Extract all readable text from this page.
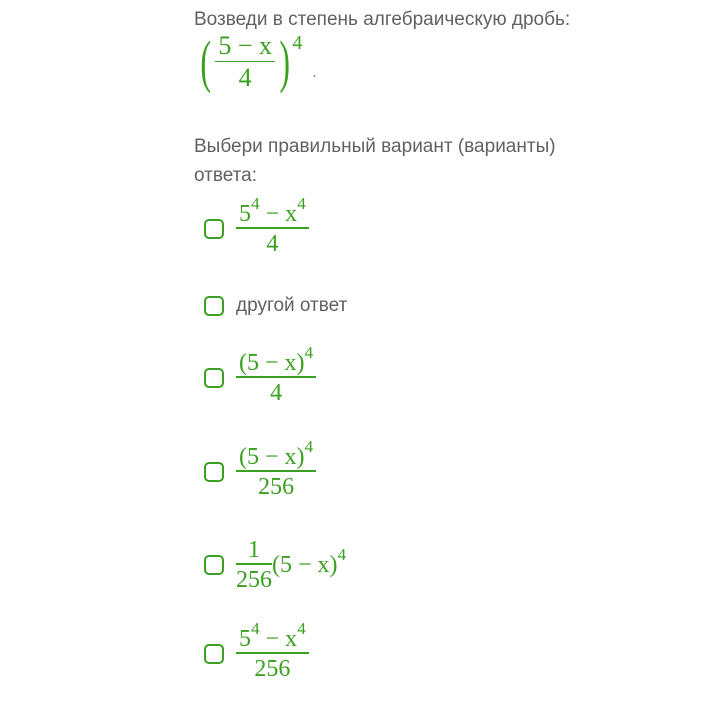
Возведи в степень алгебраическую дробь:
( $\frac{5 - x}{4}$ ) 4
.
Выбери правильный вариант (варианты) ответа:
$\frac{5^4 - x^4}{4}$
другой ответ
$\frac{(5 - x)^4}{4}$
$\frac{(5 - x)^4}{256}$
$\frac{1}{256} (5 - x)^4$
$\frac{5^4 - x^4}{256}$
